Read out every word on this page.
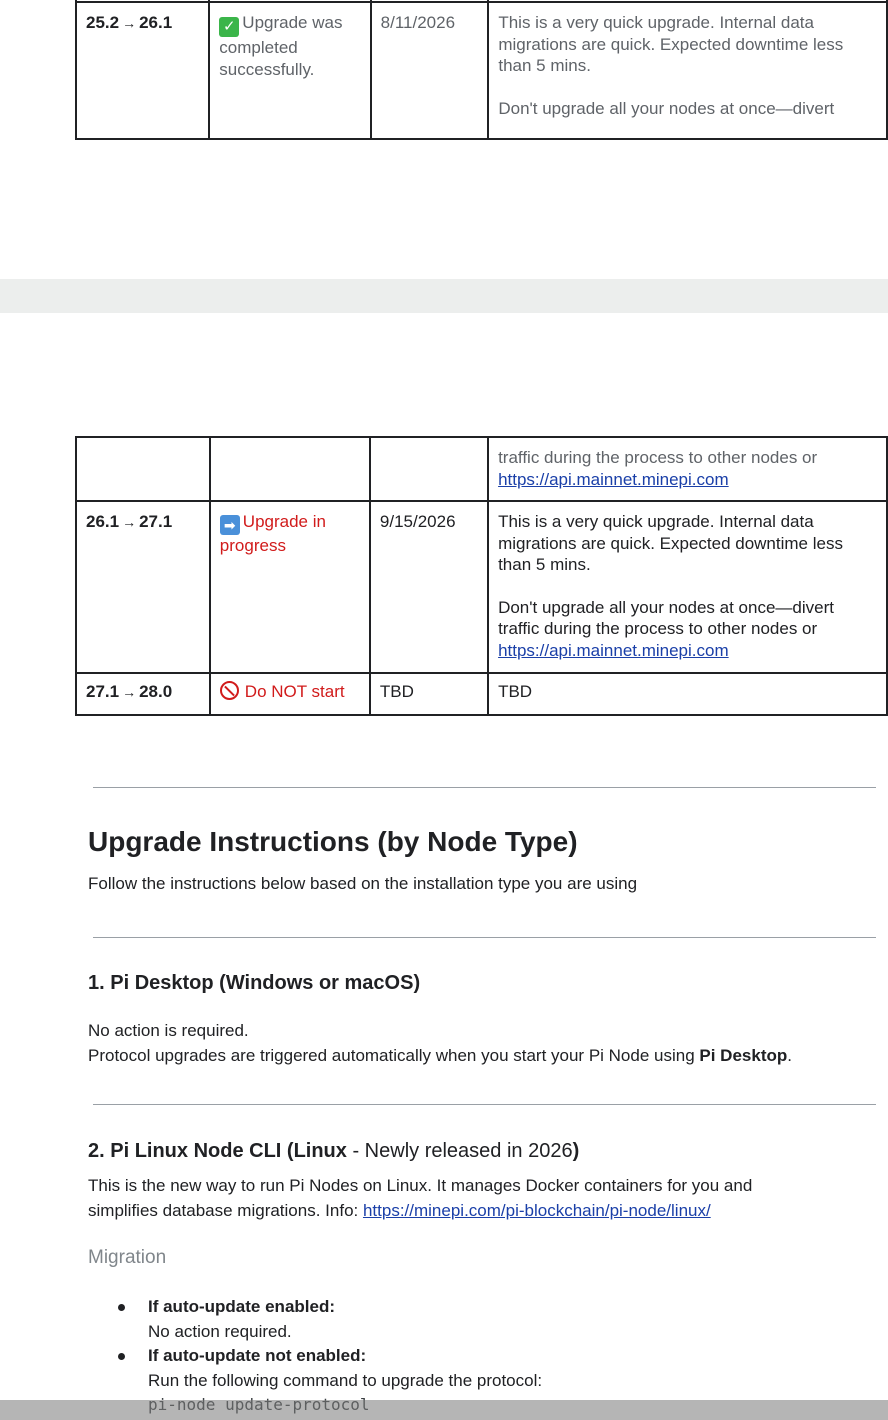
25.2 → 26.1	✓ Upgrade was completed successfully.	8/11/2026	This is a very quick upgrade. Internal data migrations are quick. Expected downtime less than 5 mins.
Don't upgrade all your nodes at once—divert

			traffic during the process to other nodes or
https://api.mainnet.minepi.com

26.1 → 27.1	➡ Upgrade in progress	9/15/2026	This is a very quick upgrade. Internal data migrations are quick. Expected downtime less than 5 mins.
Don't upgrade all your nodes at once—divert
traffic during the process to other nodes or
https://api.mainnet.minepi.com

27.1 → 28.0	Do NOT start	TBD	TBD
Upgrade Instructions (by Node Type)
Follow the instructions below based on the installation type you are using
1. Pi Desktop (Windows or macOS)
No action is required.
Protocol upgrades are triggered automatically when you start your Pi Node using Pi Desktop.
2. Pi Linux Node CLI (Linux - Newly released in 2026)
This is the new way to run Pi Nodes on Linux. It manages Docker containers for you and
simplifies database migrations. Info: https://minepi.com/pi-blockchain/pi-node/linux/
Migration
If auto-update enabled:
No action required.
If auto-update not enabled:
Run the following command to upgrade the protocol:
